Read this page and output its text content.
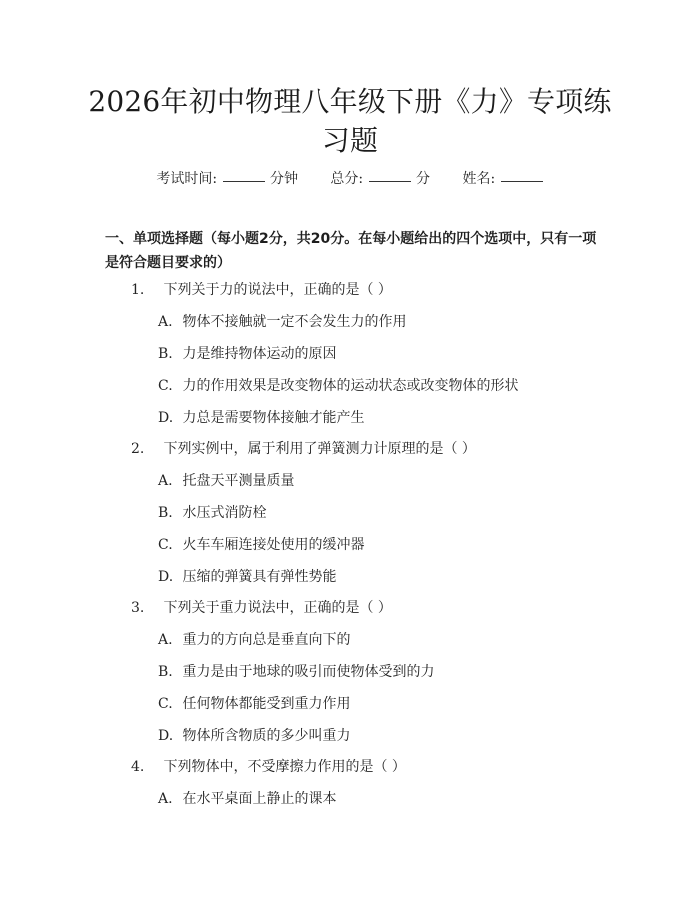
2026年初中物理八年级下册《力》专项练习题
考试时间:	分钟 总分:	分 姓名:
一、单项选择题（每小题2分，共20分。在每小题给出的四个选项中，只有一项是符合题目要求的）
1. 下列关于力的说法中，正确的是（ ）
A. 物体不接触就一定不会发生力的作用
B. 力是维持物体运动的原因
C. 力的作用效果是改变物体的运动状态或改变物体的形状
D. 力总是需要物体接触才能产生
2. 下列实例中，属于利用了弹簧测力计原理的是（ ）
A. 托盘天平测量质量
B. 水压式消防栓
C. 火车车厢连接处使用的缓冲器
D. 压缩的弹簧具有弹性势能
3. 下列关于重力说法中，正确的是（ ）
A. 重力的方向总是垂直向下的
B. 重力是由于地球的吸引而使物体受到的力
C. 任何物体都能受到重力作用
D. 物体所含物质的多少叫重力
4. 下列物体中，不受摩擦力作用的是（ ）
A. 在水平桌面上静止的课本
